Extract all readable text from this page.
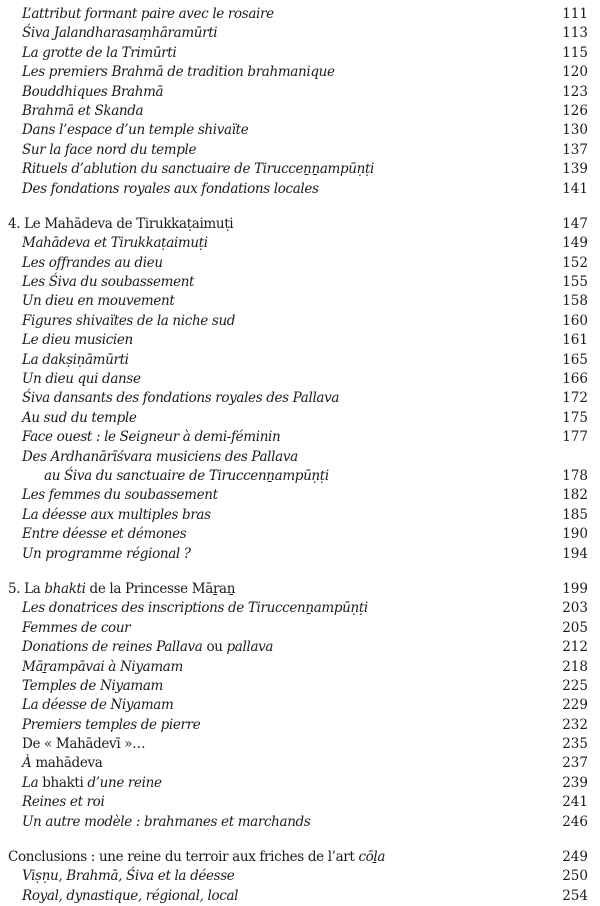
L’attribut formant paire avec le rosaire	111
Śiva Jalandharasaṃhāramūrti	113
La grotte de la Trimūrti	115
Les premiers Brahmā de tradition brahmanique	120
Bouddhiques Brahmā	123
Brahmā et Skanda	126
Dans l’espace d’un temple shivaïte	130
Sur la face nord du temple	137
Rituels d’ablution du sanctuaire de Tirucceṉṉampūṇṭi	139
Des fondations royales aux fondations locales	141
4. Le Mahādeva de Tirukkaṭaimuṭi	147
Mahādeva et Tirukkaṭaimuṭi	149
Les offrandes au dieu	152
Les Śiva du soubassement	155
Un dieu en mouvement	158
Figures shivaïtes de la niche sud	160
Le dieu musicien	161
La dakṣiṇāmūrti	165
Un dieu qui danse	166
Śiva dansants des fondations royales des Pallava	172
Au sud du temple	175
Face ouest : le Seigneur à demi-féminin	177
Des Ardhanārīśvara musiciens des Pallava
au Śiva du sanctuaire de Tiruccenṉampūṇṭi	178
Les femmes du soubassement	182
La déesse aux multiples bras	185
Entre déesse et démones	190
Un programme régional ?	194
5. La bhakti de la Princesse Māṟaṉ	199
Les donatrices des inscriptions de Tiruccenṉampūṇṭi	203
Femmes de cour	205
Donations de reines Pallava ou pallava	212
Māṟampāvai à Niyamam	218
Temples de Niyamam	225
La déesse de Niyamam	229
Premiers temples de pierre	232
De « Mahādevī »…	235
À mahādeva	237
La bhakti d’une reine	239
Reines et roi	241
Un autre modèle : brahmanes et marchands	246
Conclusions : une reine du terroir aux friches de l’art cōḻa	249
Viṣṇu, Brahmā, Śiva et la déesse	250
Royal, dynastique, régional, local	254
